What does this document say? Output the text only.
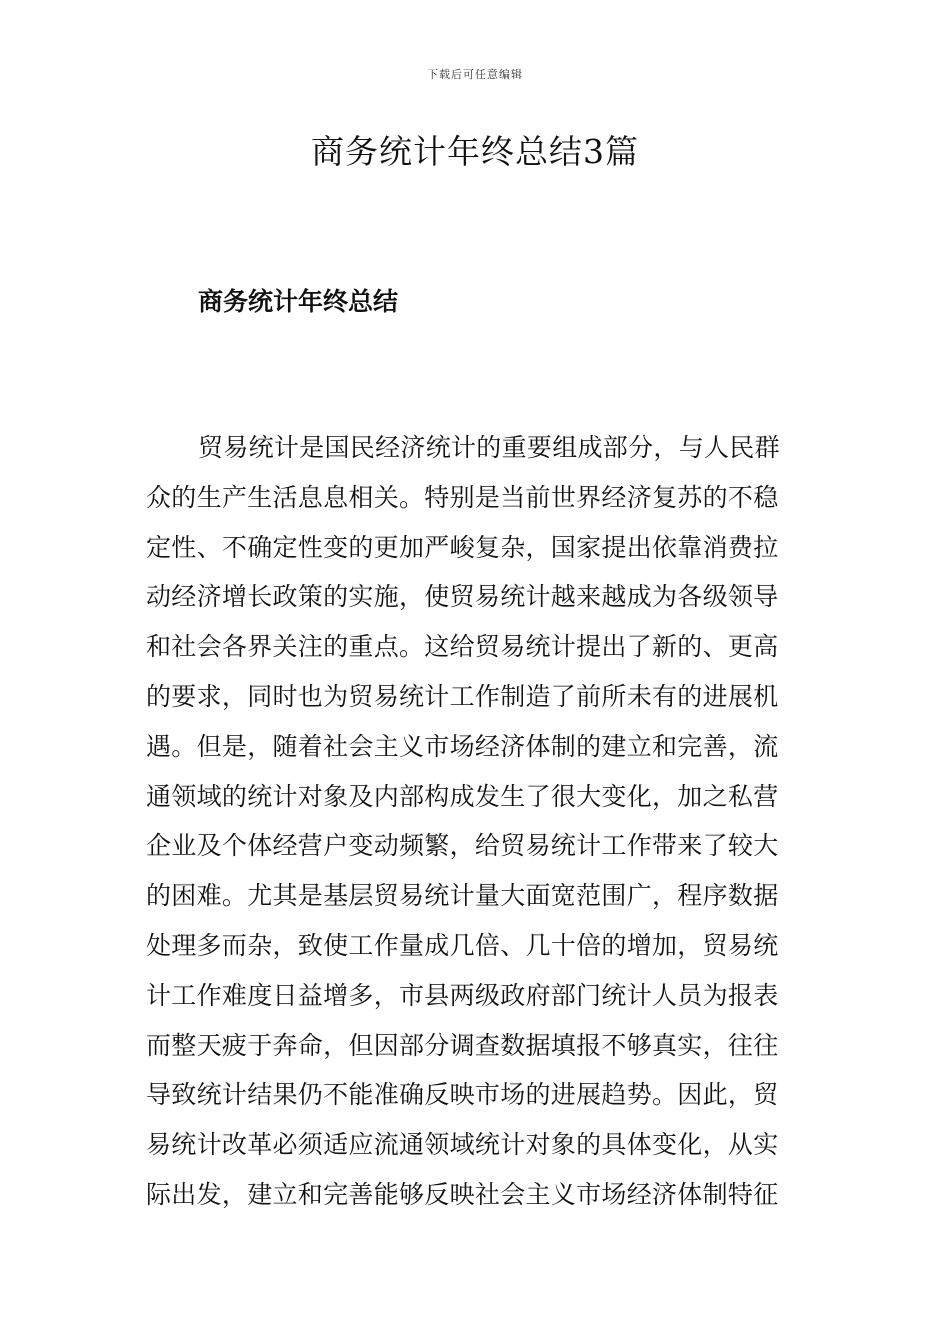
下载后可任意编辑
商务统计年终总结3篇
商务统计年终总结
贸易统计是国民经济统计的重要组成部分，与人民群
众的生产生活息息相关。特别是当前世界经济复苏的不稳
定性、不确定性变的更加严峻复杂，国家提出依靠消费拉
动经济增长政策的实施，使贸易统计越来越成为各级领导
和社会各界关注的重点。这给贸易统计提出了新的、更高
的要求，同时也为贸易统计工作制造了前所未有的进展机
遇。但是，随着社会主义市场经济体制的建立和完善，流
通领域的统计对象及内部构成发生了很大变化，加之私营
企业及个体经营户变动频繁，给贸易统计工作带来了较大
的困难。尤其是基层贸易统计量大面宽范围广，程序数据
处理多而杂，致使工作量成几倍、几十倍的增加，贸易统
计工作难度日益增多，市县两级政府部门统计人员为报表
而整天疲于奔命，但因部分调查数据填报不够真实，往往
导致统计结果仍不能准确反映市场的进展趋势。因此，贸
易统计改革必须适应流通领域统计对象的具体变化，从实
际出发，建立和完善能够反映社会主义市场经济体制特征
